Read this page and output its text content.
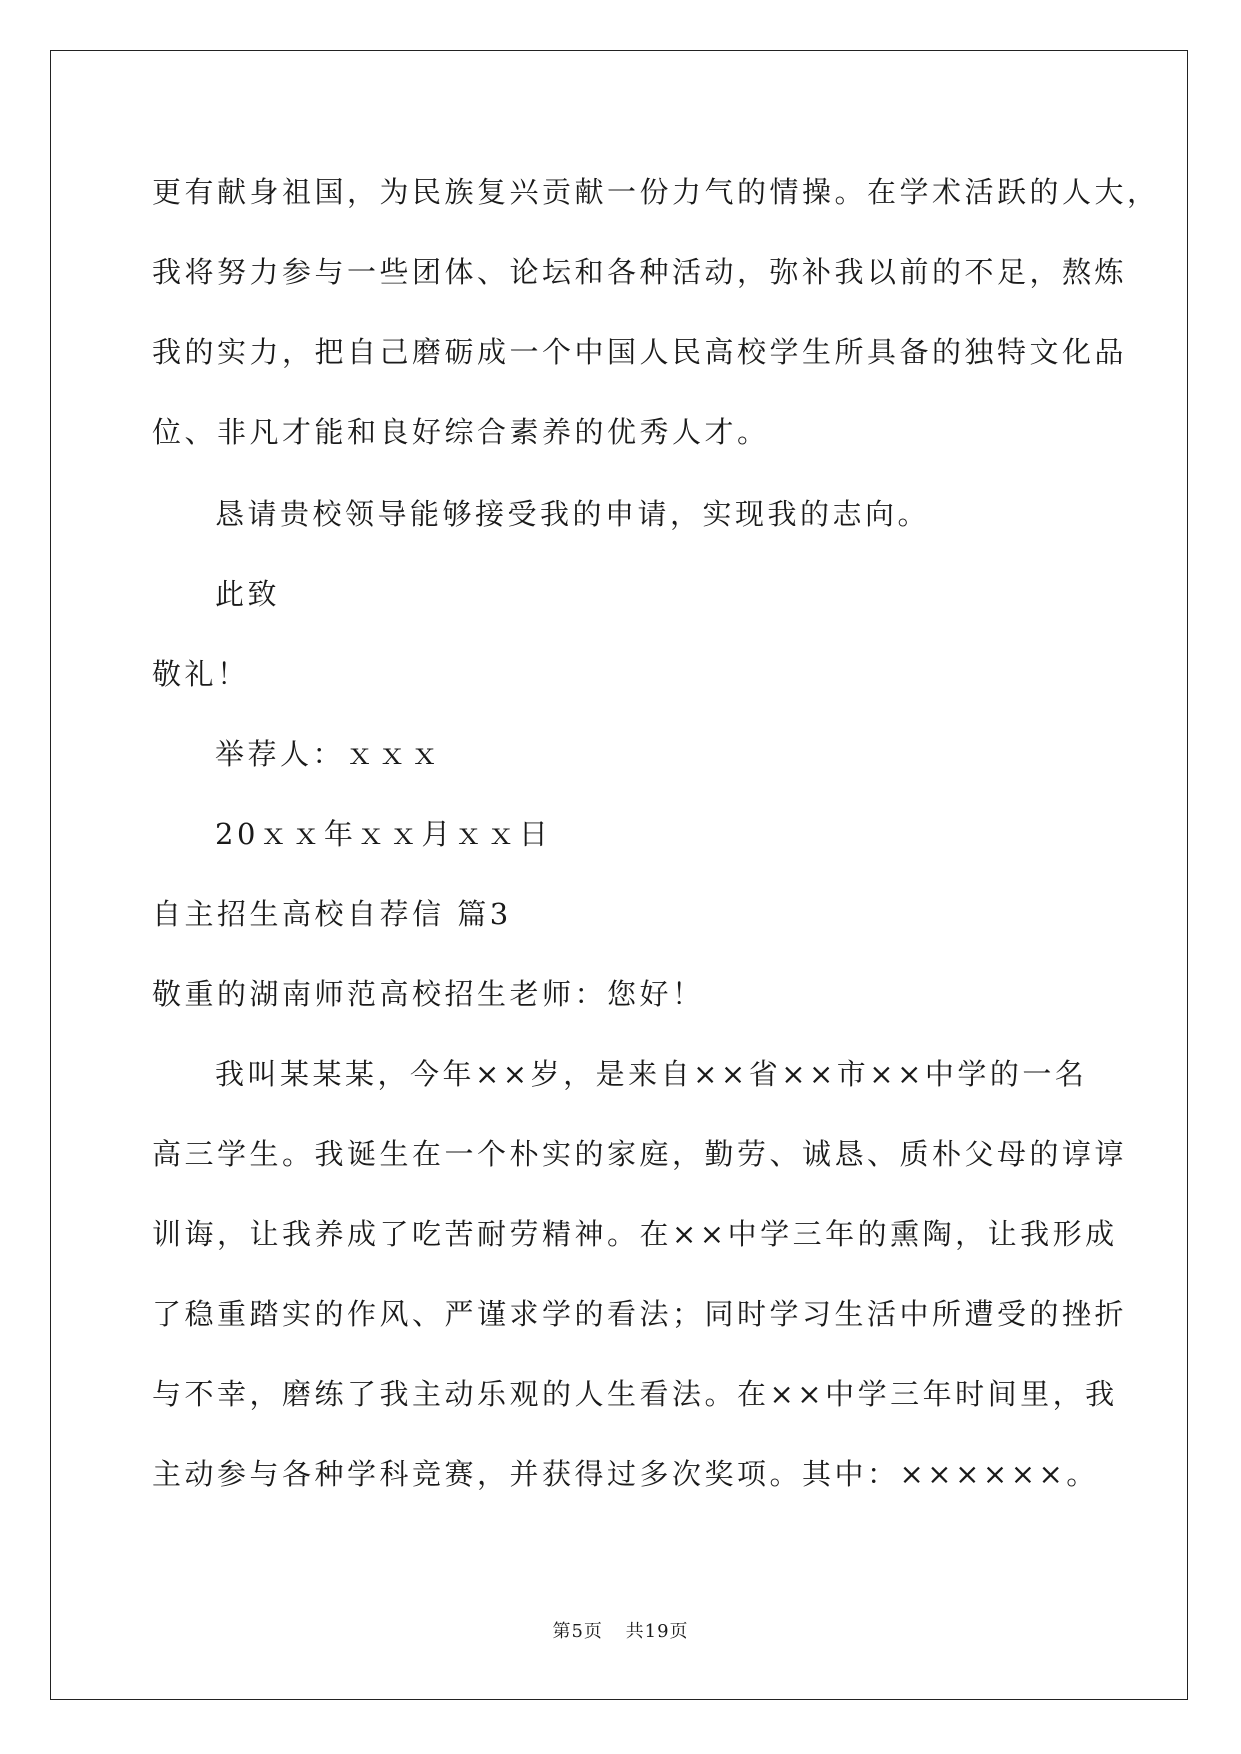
更有献身祖国，为民族复兴贡献一份力气的情操。在学术活跃的人大，
我将努力参与一些团体、论坛和各种活动，弥补我以前的不足，熬炼
我的实力，把自己磨砺成一个中国人民高校学生所具备的独特文化品
位、非凡才能和良好综合素养的优秀人才。
恳请贵校领导能够接受我的申请，实现我的志向。
此致
敬礼！
举荐人：ｘｘｘ
20ｘｘ年ｘｘ月ｘｘ日
自主招生高校自荐信 篇3
敬重的湖南师范高校招生老师：您好！
我叫某某某，今年××岁，是来自××省××市××中学的一名
高三学生。我诞生在一个朴实的家庭，勤劳、诚恳、质朴父母的谆谆
训诲，让我养成了吃苦耐劳精神。在××中学三年的熏陶，让我形成
了稳重踏实的作风、严谨求学的看法；同时学习生活中所遭受的挫折
与不幸，磨练了我主动乐观的人生看法。在××中学三年时间里，我
主动参与各种学科竞赛，并获得过多次奖项。其中：××××××。
第5页 共19页
